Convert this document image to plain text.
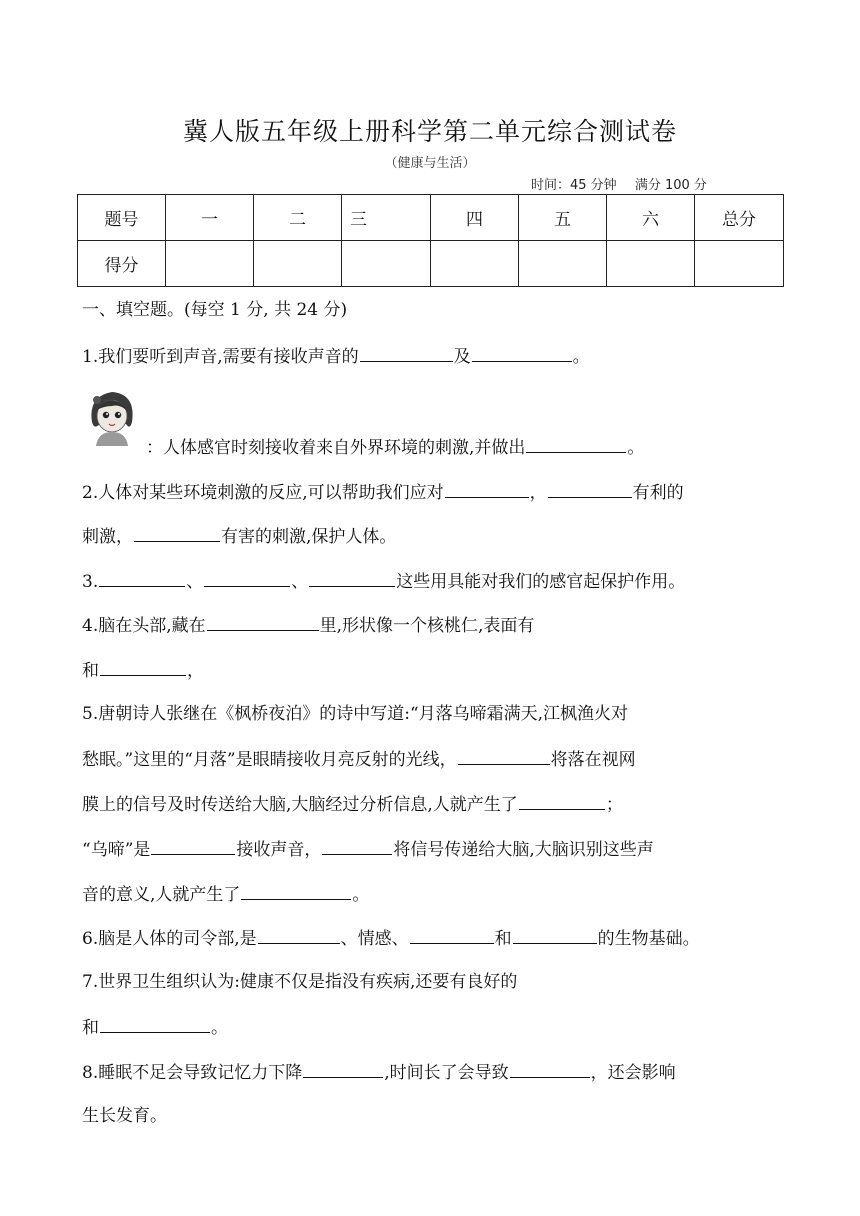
冀人版五年级上册科学第二单元综合测试卷
（健康与生活）
时间：45 分钟 满分 100 分
题号	一	二	三	四	五	六	总分
得分							
一、填空题。(每空 1 分, 共 24 分)
1.我们要听到声音,需要有接收声音的	及	。
：人体感官时刻接收着来自外界环境的刺激,并做出	。
2.人体对某些环境刺激的反应,可以帮助我们应对	，	有利的
刺激，	有害的刺激,保护人体。
3.	、	、	这些用具能对我们的感官起保护作用。
4.脑在头部,藏在	里,形状像一个核桃仁,表面有
和	，
5.唐朝诗人张继在《枫桥夜泊》的诗中写道:“月落乌啼霜满天,江枫渔火对
愁眠。”这里的“月落”是眼睛接收月亮反射的光线，	将落在视网
膜上的信号及时传送给大脑,大脑经过分析信息,人就产生了	；
“乌啼”是	接收声音，	将信号传递给大脑,大脑识别这些声
音的意义,人就产生了	。
6.脑是人体的司令部,是	、情感、	和	的生物基础。
7.世界卫生组织认为:健康不仅是指没有疾病,还要有良好的
和	。
8.睡眠不足会导致记忆力下降	,时间长了会导致	，还会影响
生长发育。
